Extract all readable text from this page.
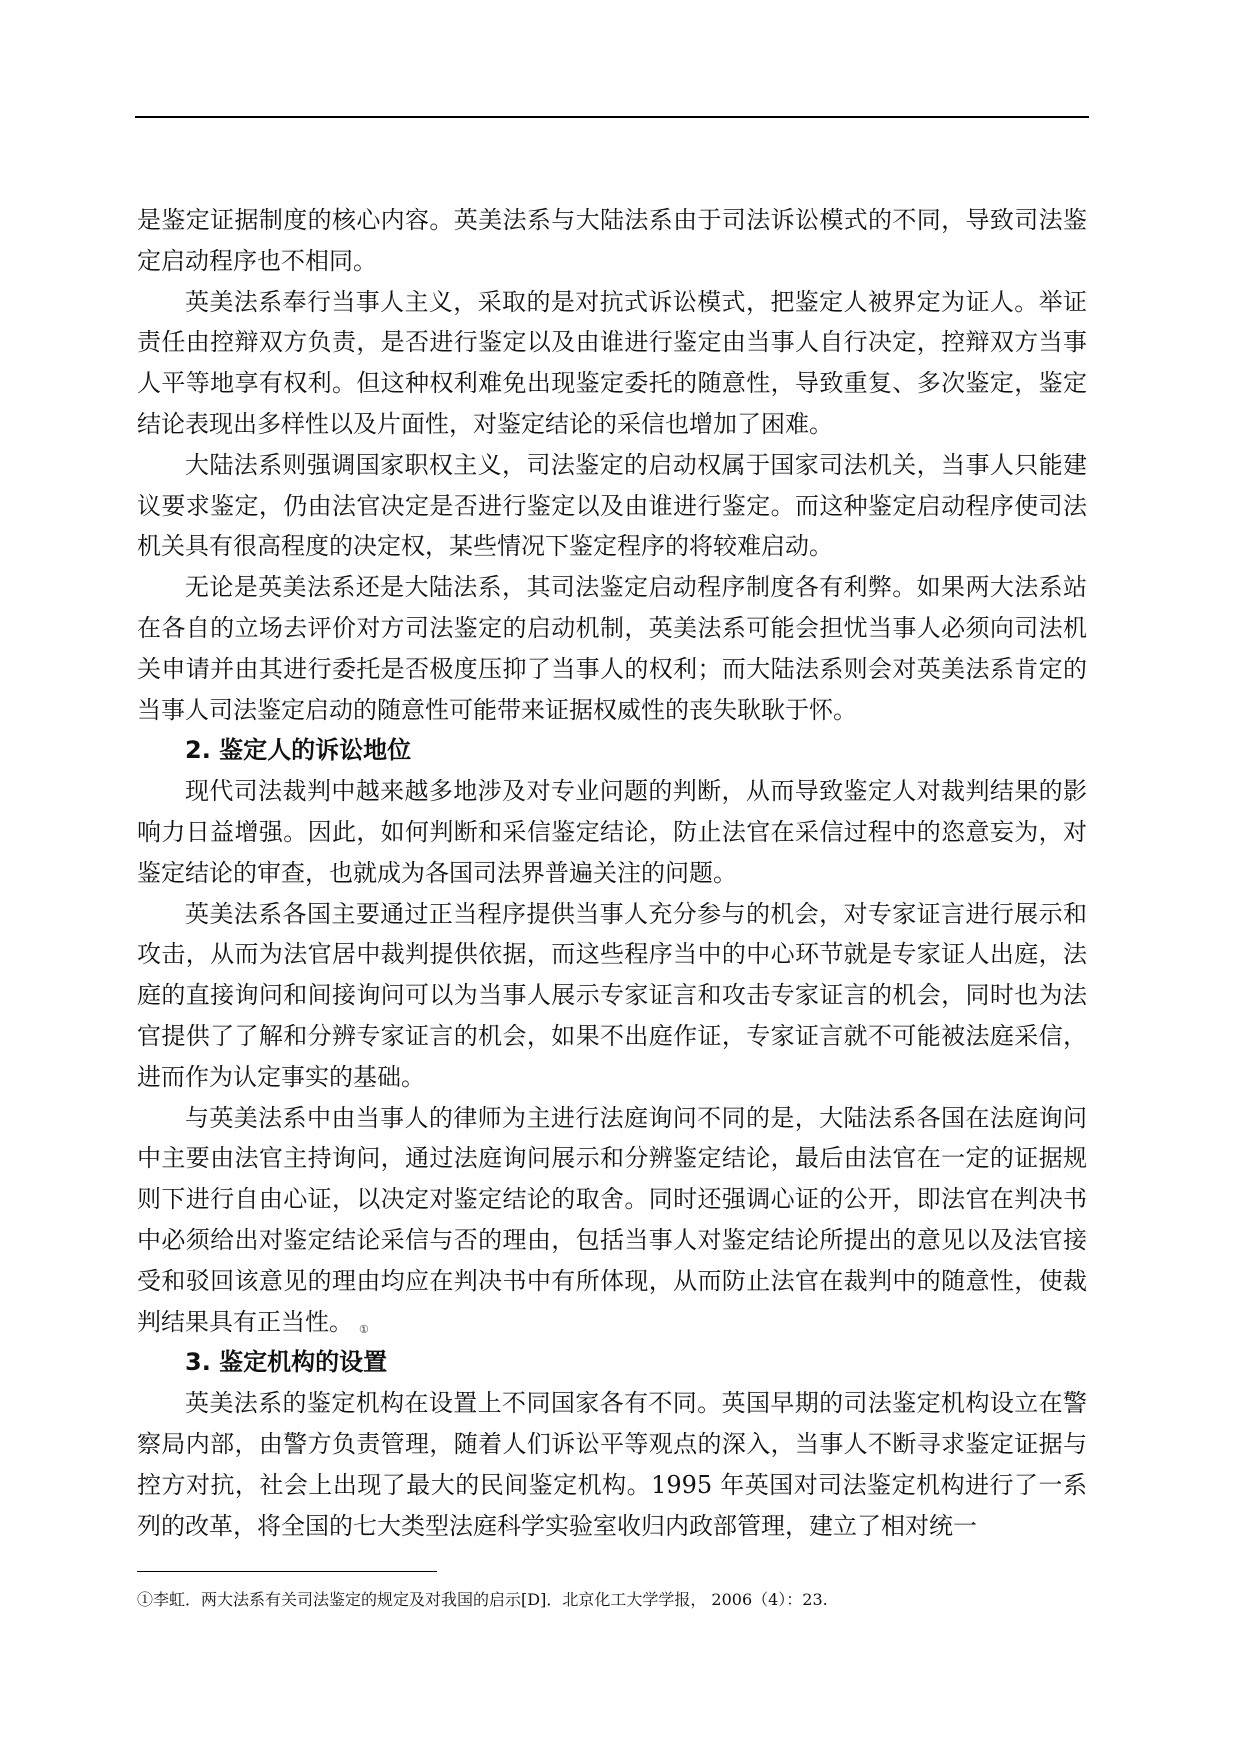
是鉴定证据制度的核心内容。英美法系与大陆法系由于司法诉讼模式的不同，导致司法鉴定启动程序也不相同。

英美法系奉行当事人主义，采取的是对抗式诉讼模式，把鉴定人被界定为证人。举证责任由控辩双方负责，是否进行鉴定以及由谁进行鉴定由当事人自行决定，控辩双方当事人平等地享有权利。但这种权利难免出现鉴定委托的随意性，导致重复、多次鉴定，鉴定结论表现出多样性以及片面性，对鉴定结论的采信也增加了困难。

大陆法系则强调国家职权主义，司法鉴定的启动权属于国家司法机关，当事人只能建议要求鉴定，仍由法官决定是否进行鉴定以及由谁进行鉴定。而这种鉴定启动程序使司法机关具有很高程度的决定权，某些情况下鉴定程序的将较难启动。

无论是英美法系还是大陆法系，其司法鉴定启动程序制度各有利弊。如果两大法系站在各自的立场去评价对方司法鉴定的启动机制，英美法系可能会担忧当事人必须向司法机关申请并由其进行委托是否极度压抑了当事人的权利；而大陆法系则会对英美法系肯定的当事人司法鉴定启动的随意性可能带来证据权威性的丧失耿耿于怀。

2. 鉴定人的诉讼地位

现代司法裁判中越来越多地涉及对专业问题的判断，从而导致鉴定人对裁判结果的影响力日益增强。因此，如何判断和采信鉴定结论，防止法官在采信过程中的恣意妄为，对鉴定结论的审查，也就成为各国司法界普遍关注的问题。

英美法系各国主要通过正当程序提供当事人充分参与的机会，对专家证言进行展示和攻击，从而为法官居中裁判提供依据，而这些程序当中的中心环节就是专家证人出庭，法庭的直接询问和间接询问可以为当事人展示专家证言和攻击专家证言的机会，同时也为法官提供了了解和分辨专家证言的机会，如果不出庭作证，专家证言就不可能被法庭采信，进而作为认定事实的基础。

与英美法系中由当事人的律师为主进行法庭询问不同的是，大陆法系各国在法庭询问中主要由法官主持询问，通过法庭询问展示和分辨鉴定结论，最后由法官在一定的证据规则下进行自由心证，以决定对鉴定结论的取舍。同时还强调心证的公开，即法官在判决书中必须给出对鉴定结论采信与否的理由，包括当事人对鉴定结论所提出的意见以及法官接受和驳回该意见的理由均应在判决书中有所体现，从而防止法官在裁判中的随意性，使裁判结果具有正当性。 ①

3. 鉴定机构的设置

英美法系的鉴定机构在设置上不同国家各有不同。英国早期的司法鉴定机构设立在警察局内部，由警方负责管理，随着人们诉讼平等观点的深入，当事人不断寻求鉴定证据与控方对抗，社会上出现了最大的民间鉴定机构。1995 年英国对司法鉴定机构进行了一系列的改革，将全国的七大类型法庭科学实验室收归内政部管理，建立了相对统一

①李虹．两大法系有关司法鉴定的规定及对我国的启示[D]．北京化工大学学报， 2006（4）：23.
